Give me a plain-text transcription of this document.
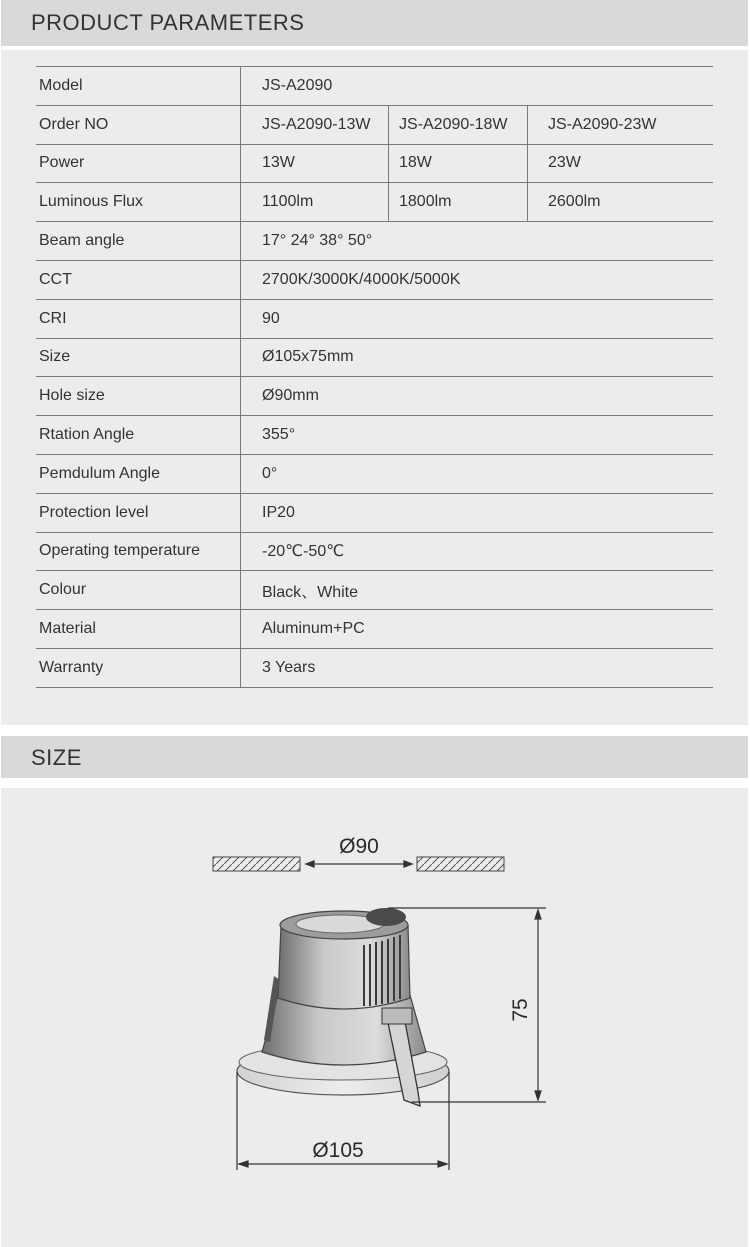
PRODUCT PARAMETERS
Model	JS-A2090		
Order NO	JS-A2090-13W	JS-A2090-18W	JS-A2090-23W
Power	13W	18W	23W
Luminous Flux	1100lm	1800lm	2600lm
Beam angle	17° 24° 38° 50°		
CCT	2700K/3000K/4000K/5000K		
CRI	90		
Size	Ø105x75mm		
Hole size	Ø90mm		
Rtation Angle	355°		
Pemdulum Angle	0°		
Protection level	IP20		
Operating temperature	-20℃-50℃		
Colour	Black、White		
Material	Aluminum+PC		
Warranty	3 Years		
SIZE
Ø90
75
Ø105
